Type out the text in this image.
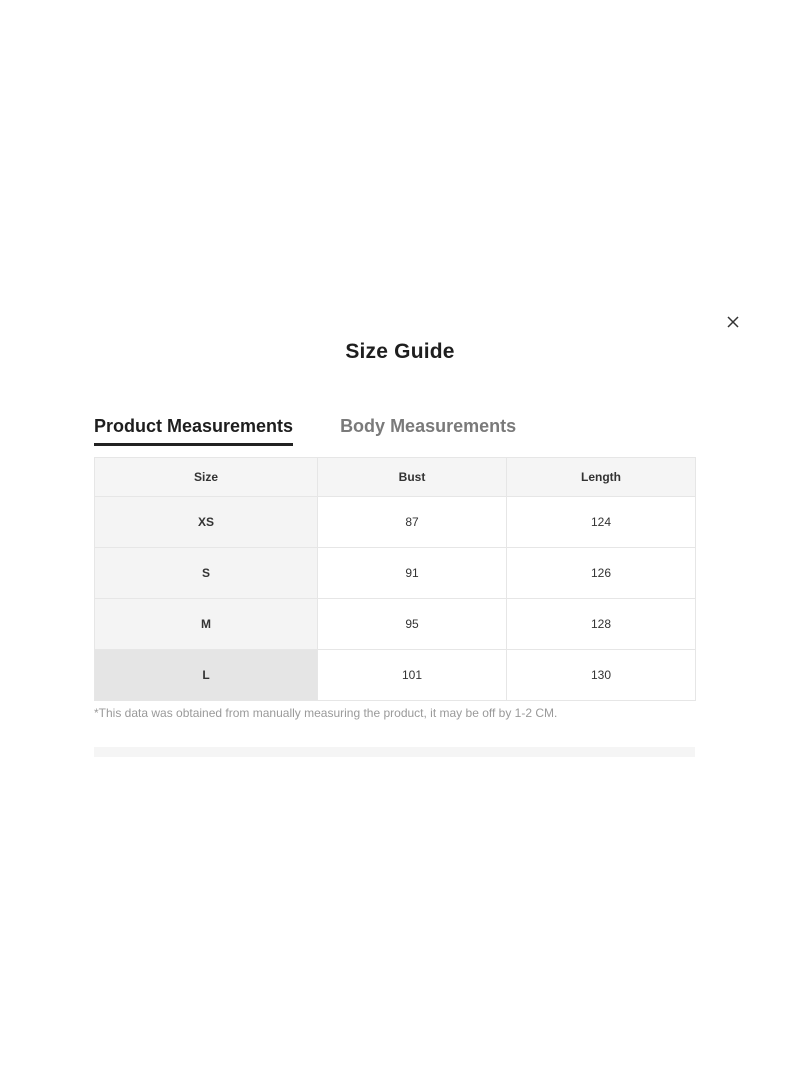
Size Guide
Product Measurements	Body Measurements
Size	Bust	Length
XS	87	124
S	91	126
M	95	128
L	101	130
*This data was obtained from manually measuring the product, it may be off by 1-2 CM.
